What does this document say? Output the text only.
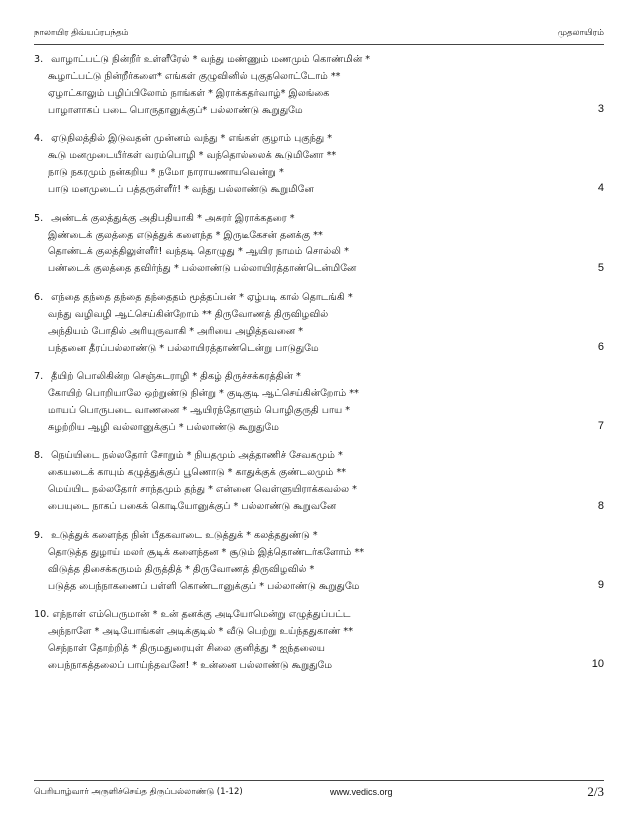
நாலாயிர திவ்யப்ரபந்தம்	முதலாயிரம்
3. வாழாட்பட்டு நின்றீர் உள்ளீரேல் * வந்து மண்ணும் மணமும் கொண்மின் *
கூழாட்பட்டு நின்றீர்களை* எங்கள் குழுவினில் புகுதலொட்டோம் **
ஏழாட்காலும் பழிப்பிலோம் நாங்கள் * இராக்கதர்வாழ்* இலங்கை
பாழாளாகப் படை பொருதானுக்குப்* பல்லாண்டு கூறுதுமே	3
4. ஏடுநிலத்தில் இடுவதன் முன்னம் வந்து * எங்கள் குழாம் புகுந்து *
கூடு மனமுடையீர்கள் வரம்பொழி * வந்தொல்லைக் கூடுமினோ **
நாடு நகரமும் நன்கறிய * நமோ நாராயணாயவென்று *
பாடு மனமுடைப் பத்தருள்ளீர்! * வந்து பல்லாண்டு கூறுமினே	4
5. அண்டக் குலத்துக்கு அதிபதியாகி * அசுரர் இராக்கதரை *
இண்டைக் குலத்தை எடுத்துக் களைந்த * இருடீகேசன் தனக்கு **
தொண்டக் குலத்திலுள்ளீர்! வந்தடி தொழுது * ஆயிர நாமம் சொல்லி *
பண்டைக் குலத்தை தவிர்ந்து * பல்லாண்டு பல்லாயிரத்தாண்டென்மினே	5
6. எந்தை தந்தை தந்தை தந்தைதம் மூத்தப்பன் * ஏழ்படி கால் தொடங்கி *
வந்து வழிவழி ஆட்செய்கின்றோம் ** திருவோணத் திருவிழவில்
அந்தியம் போதில் அரியுருவாகி * அரியை அழித்தவனை *
பந்தனை தீரப்பல்லாண்டு * பல்லாயிரத்தாண்டென்று பாடுதுமே	6
7. தீயிற் பொலிகின்ற செஞ்சுடராழி * திகழ் திருச்சக்கரத்தின் *
கோயிற் பொறியாலே ஒற்றுண்டு நின்று * குடிகுடி ஆட்செய்கின்றோம் **
மாயப் பொருபடை வாணனை * ஆயிரந்தோளும் பொழிகுருதி பாய *
சுழற்றிய ஆழி வல்லானுக்குப் * பல்லாண்டு கூறுதுமே	7
8. நெய்யிடை நல்லதோர் சோறும் * நியதமும் அத்தாணிச் சேவகமும் *
கையடைக் காயும் கழுத்துக்குப் பூணொடு * காதுக்குக் குண்டலமும் **
மெய்யிட நல்லதோர் சாந்தமும் தந்து * என்னை வெள்ளுயிராக்கவல்ல *
பையுடை நாகப் பகைக் கொடியோனுக்குப் * பல்லாண்டு கூறுவனே	8
9. உடுத்துக் களைந்த நின் பீதகவாடை உடுத்துக் * கலத்ததுண்டு *
தொடுத்த துழாய் மலர் சூடிக் களைந்தன * சூடும் இத்தொண்டர்களோம் **
விடுத்த திசைக்கருமம் திருத்தித் * திருவோணத் திருவிழவில் *
படுத்த பைந்நாகணைப் பள்ளி கொண்டானுக்குப் * பல்லாண்டு கூறுதுமே	9
10. எந்நாள் எம்பெருமான் * உன் தனக்கு அடியோமென்று எழுத்துப்பட்ட
அந்நாளே * அடியோங்கள் அடிக்குடில் * வீடு பெற்று உய்ந்ததுகாண் **
செந்நாள் தோற்றித் * திருமதுரையுள் சிலை குனித்து * ஐந்தலைய
பைந்நாகத்தலைப் பாய்ந்தவனே! * உன்னை பல்லாண்டு கூறுதுமே	10
பெரியாழ்வார் அருளிச்செய்த திருப்பல்லாண்டு (1-12)	www.vedics.org	2/3
